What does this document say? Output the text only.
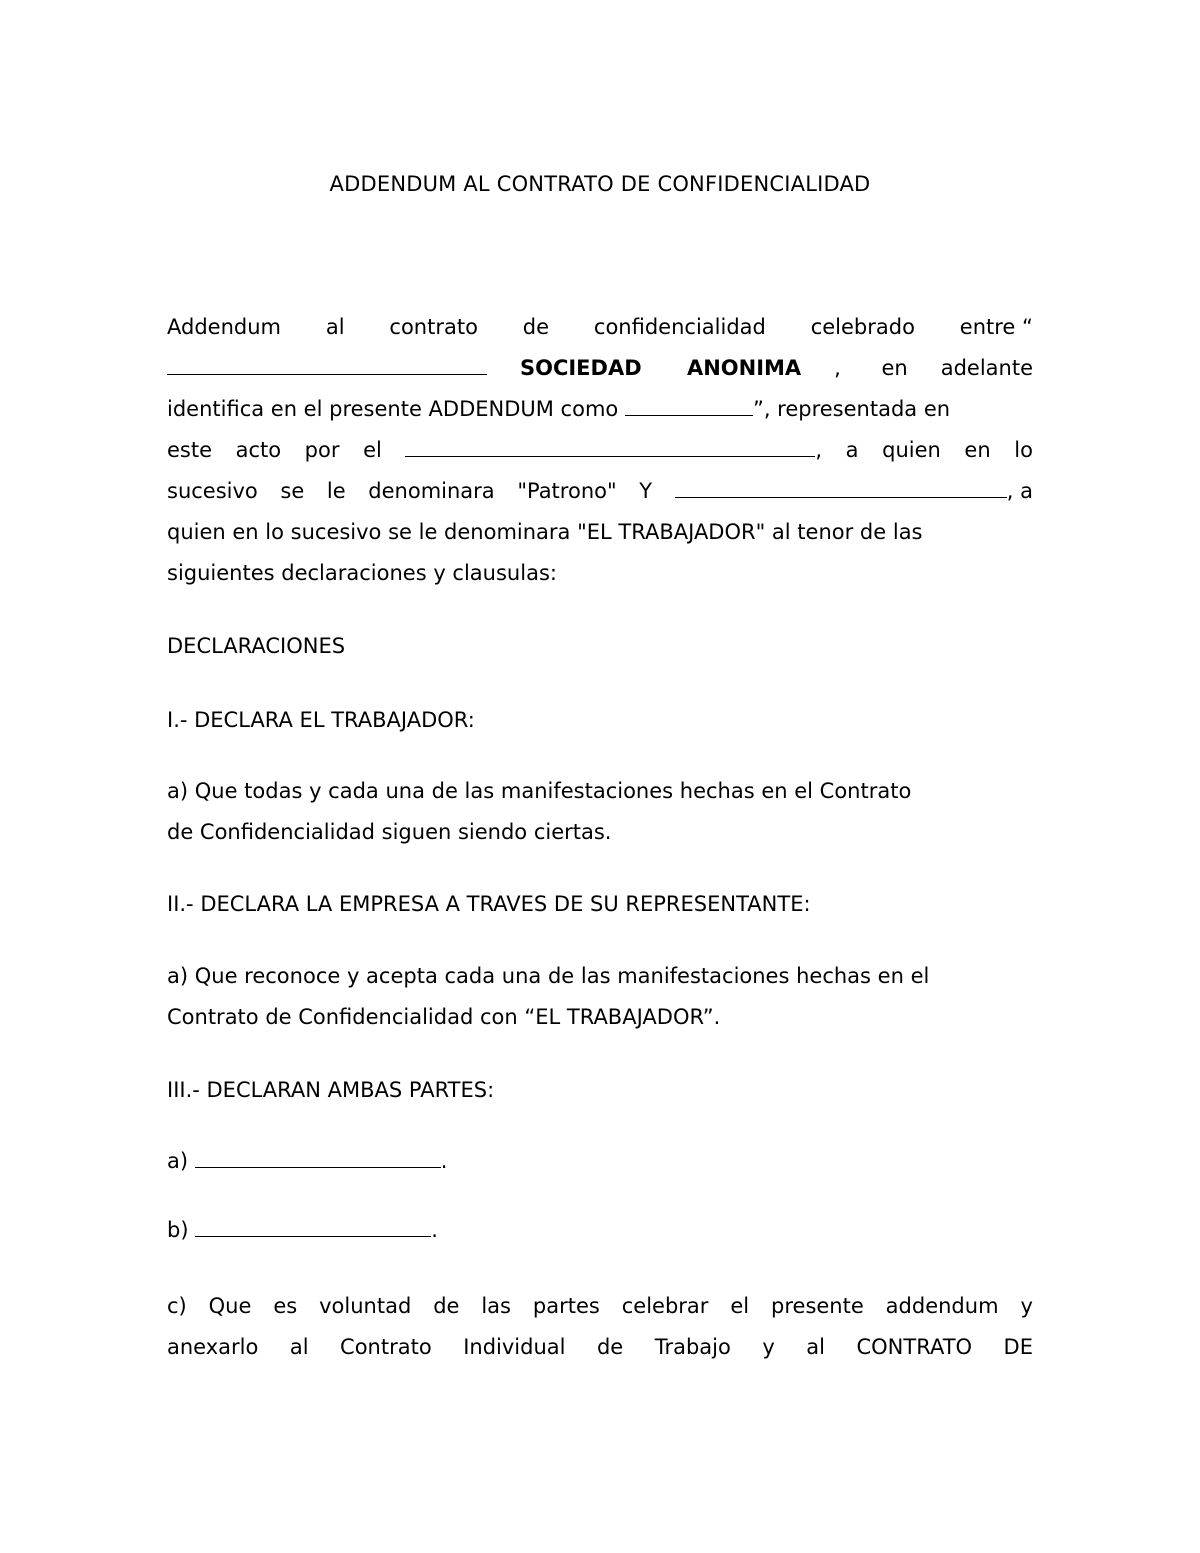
ADDENDUM AL CONTRATO DE CONFIDENCIALIDAD
Addendum al contrato de confidencialidad celebrado entre “
SOCIEDAD ANONIMA , en adelante
identifica en el presente ADDENDUM como	”, representada en
este acto por el	, a quien en lo
sucesivo se le denominara "Patrono" Y	, a
quien en lo sucesivo se le denominara "EL TRABAJADOR" al tenor de las
siguientes declaraciones y clausulas:
DECLARACIONES
I.- DECLARA EL TRABAJADOR:
a) Que todas y cada una de las manifestaciones hechas en el Contrato
de Confidencialidad siguen siendo ciertas.
II.- DECLARA LA EMPRESA A TRAVES DE SU REPRESENTANTE:
a) Que reconoce y acepta cada una de las manifestaciones hechas en el
Contrato de Confidencialidad con “EL TRABAJADOR”.
III.- DECLARAN AMBAS PARTES:
a)	.
b)	.
c) Que es voluntad de las partes celebrar el presente addendum y
anexarlo al Contrato Individual de Trabajo y al CONTRATO DE
